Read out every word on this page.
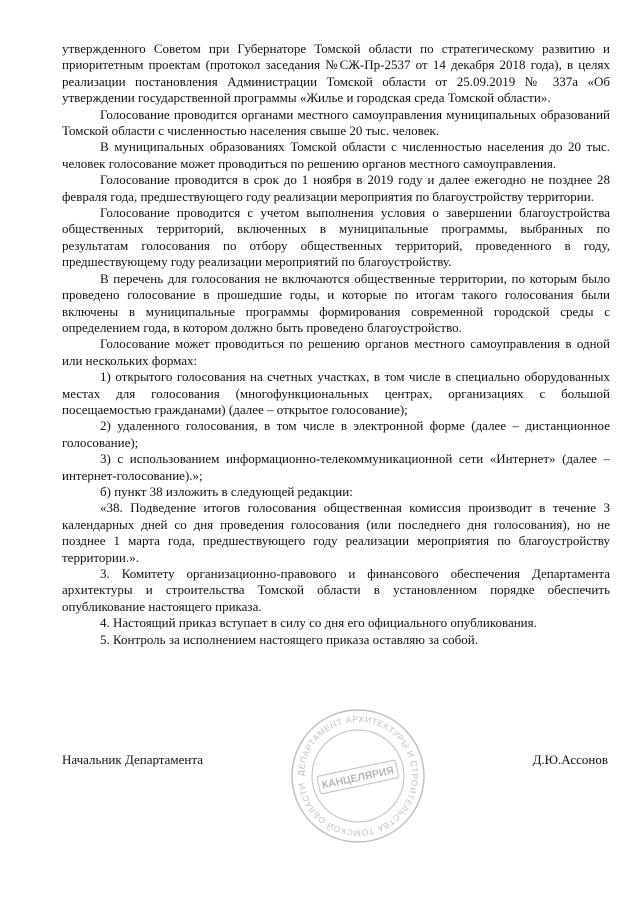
утвержденного Советом при Губернаторе Томской области по стратегическому развитию и приоритетным проектам (протокол заседания №СЖ-Пр-2537 от 14 декабря 2018 года), в целях реализации постановления Администрации Томской области от 25.09.2019 № 337а «Об утверждении государственной программы «Жилье и городская среда Томской области».

Голосование проводится органами местного самоуправления муниципальных образований Томской области с численностью населения свыше 20 тыс. человек.

В муниципальных образованиях Томской области с численностью населения до 20 тыс. человек голосование может проводиться по решению органов местного самоуправления.

Голосование проводится в срок до 1 ноября в 2019 году и далее ежегодно не позднее 28 февраля года, предшествующего году реализации мероприятия по благоустройству территории.

Голосование проводится с учетом выполнения условия о завершении благоустройства общественных территорий, включенных в муниципальные программы, выбранных по результатам голосования по отбору общественных территорий, проведенного в году, предшествующему году реализации мероприятий по благоустройству.

В перечень для голосования не включаются общественные территории, по которым было проведено голосование в прошедшие годы, и которые по итогам такого голосования были включены в муниципальные программы формирования современной городской среды с определением года, в котором должно быть проведено благоустройство.

Голосование может проводиться по решению органов местного самоуправления в одной или нескольких формах:

1) открытого голосования на счетных участках, в том числе в специально оборудованных местах для голосования (многофункциональных центрах, организациях с большой посещаемостью гражданами) (далее – открытое голосование);

2) удаленного голосования, в том числе в электронной форме (далее – дистанционное голосование);

3) с использованием информационно-телекоммуникационной сети «Интернет» (далее – интернет-голосование).»;

б) пункт 38 изложить в следующей редакции:

«38. Подведение итогов голосования общественная комиссия производит в течение 3 календарных дней со дня проведения голосования (или последнего дня голосования), но не позднее 1 марта года, предшествующего году реализации мероприятия по благоустройству территории.».

3. Комитету организационно-правового и финансового обеспечения Департамента архитектуры и строительства Томской области в установленном порядке обеспечить опубликование настоящего приказа.

4. Настоящий приказ вступает в силу со дня его официального опубликования.

5. Контроль за исполнением настоящего приказа оставляю за собой.

Начальник Департамента	Д.Ю.Ассонов
ДЕПАРТАМЕНТ АРХИТЕКТУРЫ И СТРОИТЕЛЬСТВА ТОМСКОЙ ОБЛАСТИ	КАНЦЕЛЯРИЯ
